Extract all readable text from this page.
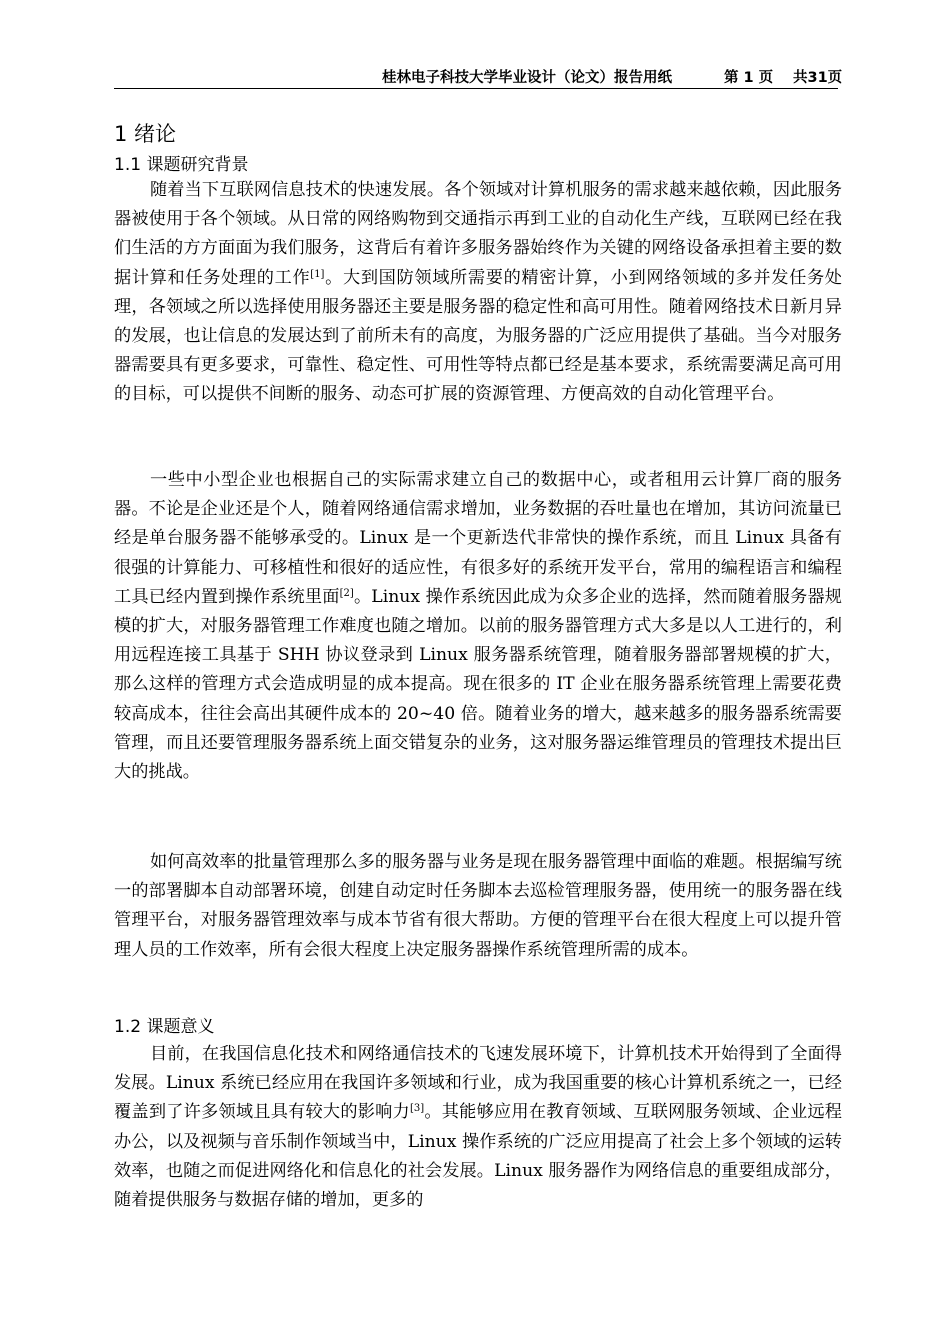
桂林电子科技大学毕业设计（论文）报告用纸	第 1 页 共31页
1 绪论
1.1 课题研究背景
随着当下互联网信息技术的快速发展。各个领域对计算机服务的需求越来越依赖，因此服务器被使用于各个领域。从日常的网络购物到交通指示再到工业的自动化生产线，互联网已经在我们生活的方方面面为我们服务，这背后有着许多服务器始终作为关键的网络设备承担着主要的数据计算和任务处理的工作[1]。大到国防领域所需要的精密计算，小到网络领域的多并发任务处理，各领域之所以选择使用服务器还主要是服务器的稳定性和高可用性。随着网络技术日新月异的发展，也让信息的发展达到了前所未有的高度，为服务器的广泛应用提供了基础。当今对服务器需要具有更多要求，可靠性、稳定性、可用性等特点都已经是基本要求，系统需要满足高可用的目标，可以提供不间断的服务、动态可扩展的资源管理、方便高效的自动化管理平台。
一些中小型企业也根据自己的实际需求建立自己的数据中心，或者租用云计算厂商的服务器。不论是企业还是个人，随着网络通信需求增加，业务数据的吞吐量也在增加，其访问流量已经是单台服务器不能够承受的。Linux 是一个更新迭代非常快的操作系统，而且 Linux 具备有很强的计算能力、可移植性和很好的适应性，有很多好的系统开发平台，常用的编程语言和编程工具已经内置到操作系统里面[2]。Linux 操作系统因此成为众多企业的选择，然而随着服务器规模的扩大，对服务器管理工作难度也随之增加。以前的服务器管理方式大多是以人工进行的，利用远程连接工具基于 SHH 协议登录到 Linux 服务器系统管理，随着服务器部署规模的扩大，那么这样的管理方式会造成明显的成本提高。现在很多的 IT 企业在服务器系统管理上需要花费较高成本，往往会高出其硬件成本的 20~40 倍。随着业务的增大，越来越多的服务器系统需要管理，而且还要管理服务器系统上面交错复杂的业务，这对服务器运维管理员的管理技术提出巨大的挑战。
如何高效率的批量管理那么多的服务器与业务是现在服务器管理中面临的难题。根据编写统一的部署脚本自动部署环境，创建自动定时任务脚本去巡检管理服务器，使用统一的服务器在线管理平台，对服务器管理效率与成本节省有很大帮助。方便的管理平台在很大程度上可以提升管理人员的工作效率，所有会很大程度上决定服务器操作系统管理所需的成本。
1.2 课题意义
目前，在我国信息化技术和网络通信技术的飞速发展环境下，计算机技术开始得到了全面得发展。Linux 系统已经应用在我国许多领域和行业，成为我国重要的核心计算机系统之一，已经覆盖到了许多领域且具有较大的影响力[3]。其能够应用在教育领域、互联网服务领域、企业远程办公，以及视频与音乐制作领域当中，Linux 操作系统的广泛应用提高了社会上多个领域的运转效率，也随之而促进网络化和信息化的社会发展。Linux 服务器作为网络信息的重要组成部分，随着提供服务与数据存储的增加，更多的
